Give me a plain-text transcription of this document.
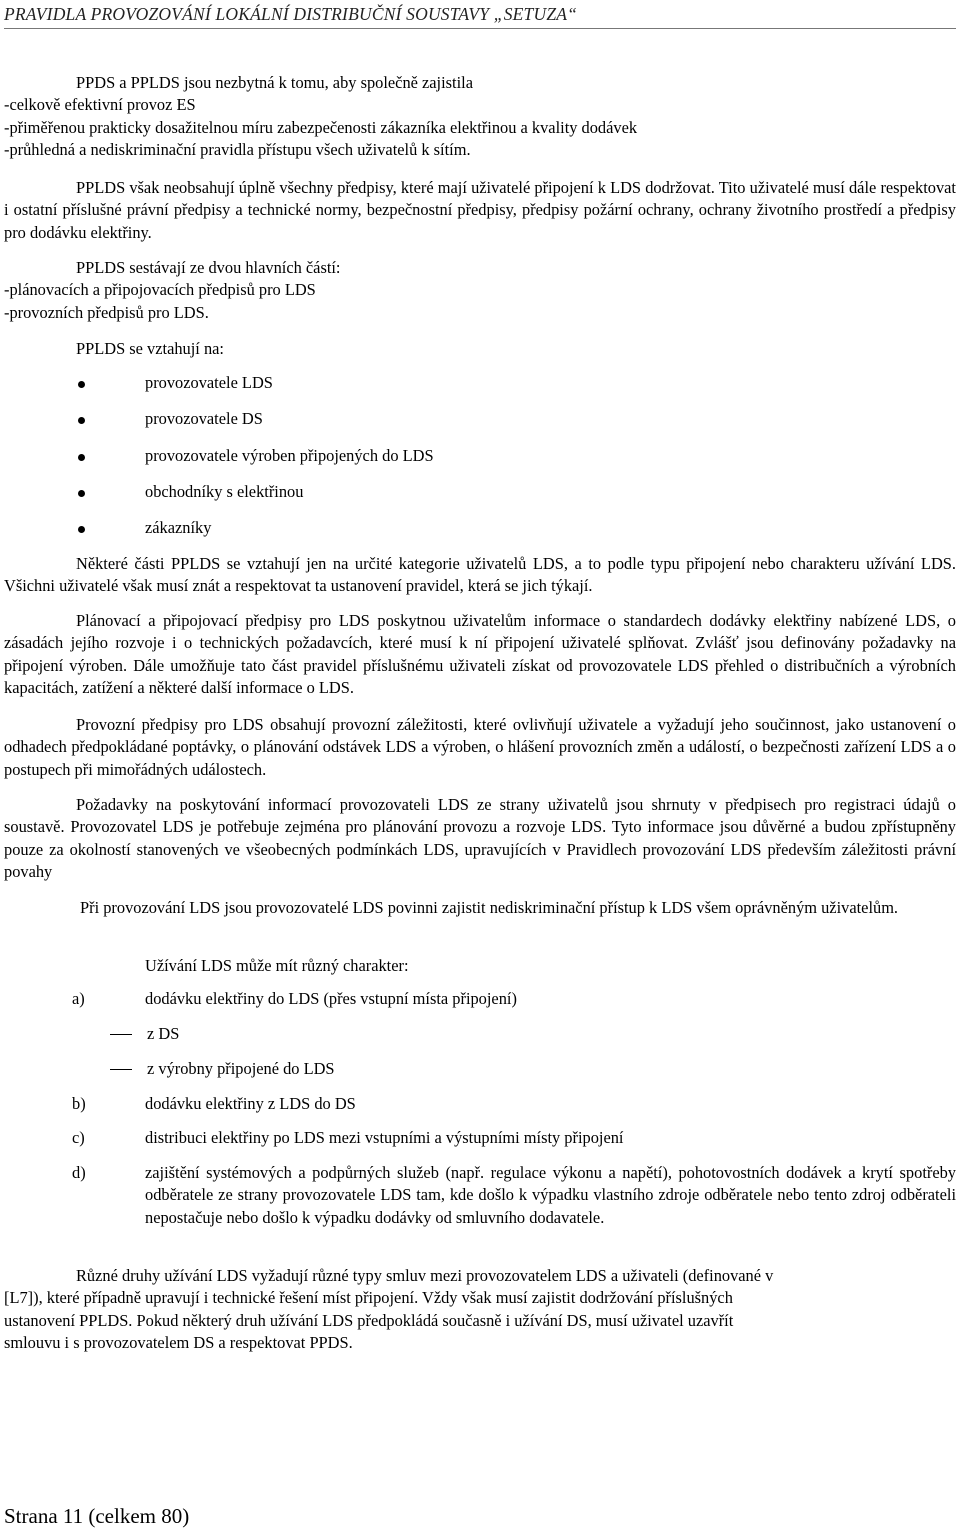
PRAVIDLA PROVOZOVÁNÍ LOKÁLNÍ DISTRIBUČNÍ SOUSTAVY „SETUZA“

PPDS a PPLDS jsou nezbytná k tomu, aby společně zajistila

-celkově efektivní provoz ES

-přiměřenou prakticky dosažitelnou míru zabezpečenosti zákazníka elektřinou a kvality dodávek

-průhledná a nediskriminační pravidla přístupu všech uživatelů k sítím.

PPLDS však neobsahují úplně všechny předpisy, které mají uživatelé připojení k LDS dodržovat. Tito uživatelé musí dále respektovat i ostatní příslušné právní předpisy a technické normy, bezpečnostní předpisy, předpisy požární ochrany, ochrany životního prostředí a předpisy pro dodávku elektřiny.

PPLDS sestávají ze dvou hlavních částí:

-plánovacích a připojovacích předpisů pro LDS

-provozních předpisů pro LDS.

PPLDS se vztahují na:
provozovatele LDS
provozovatele DS
provozovatele výroben připojených do LDS
obchodníky s elektřinou
zákazníky

Některé části PPLDS se vztahují jen na určité kategorie uživatelů LDS, a to podle typu připojení nebo charakteru užívání LDS. Všichni uživatelé však musí znát a respektovat ta ustanovení pravidel, která se jich týkají.

Plánovací a připojovací předpisy pro LDS poskytnou uživatelům informace o standardech dodávky elektřiny nabízené LDS, o zásadách jejího rozvoje i o technických požadavcích, které musí k ní připojení uživatelé splňovat. Zvlášť jsou definovány požadavky na připojení výroben. Dále umožňuje tato část pravidel příslušnému uživateli získat od provozovatele LDS přehled o distribučních a výrobních kapacitách, zatížení a některé další informace o LDS.

Provozní předpisy pro LDS obsahují provozní záležitosti, které ovlivňují uživatele a vyžadují jeho součinnost, jako ustanovení o odhadech předpokládané poptávky, o plánování odstávek LDS a výroben, o hlášení provozních změn a událostí, o bezpečnosti zařízení LDS a o postupech při mimořádných událostech.

Požadavky na poskytování informací provozovateli LDS ze strany uživatelů jsou shrnuty v předpisech pro registraci údajů o soustavě. Provozovatel LDS je potřebuje zejména pro plánování provozu a rozvoje LDS. Tyto informace jsou důvěrné a budou zpřístupněny pouze za okolností stanovených ve všeobecných podmínkách LDS, upravujících v Pravidlech provozování LDS především záležitosti právní povahy

Při provozování LDS jsou provozovatelé LDS povinni zajistit nediskriminační přístup k LDS všem oprávněným uživatelům.

Užívání LDS může mít různý charakter:
a)	dodávku elektřiny do LDS (přes vstupní místa připojení)
z DS
z výrobny připojené do LDS
b)	dodávku elektřiny z LDS do DS
c)	distribuci elektřiny po LDS mezi vstupními a výstupními místy připojení
d)	zajištění systémových a podpůrných služeb (např. regulace výkonu a napětí), pohotovostních dodávek a krytí spotřeby odběratele ze strany provozovatele LDS tam, kde došlo k výpadku vlastního zdroje odběratele nebo tento zdroj odběrateli nepostačuje nebo došlo k výpadku dodávky od smluvního dodavatele.

Různé druhy užívání LDS vyžadují různé typy smluv mezi provozovatelem LDS a uživateli (definované v

[L7]), které případně upravují i technické řešení míst připojení. Vždy však musí zajistit dodržování příslušných

ustanovení PPLDS. Pokud některý druh užívání LDS předpokládá současně i užívání DS, musí uživatel uzavřít

smlouvu i s provozovatelem DS a respektovat PPDS.

Strana 11 (celkem 80)
